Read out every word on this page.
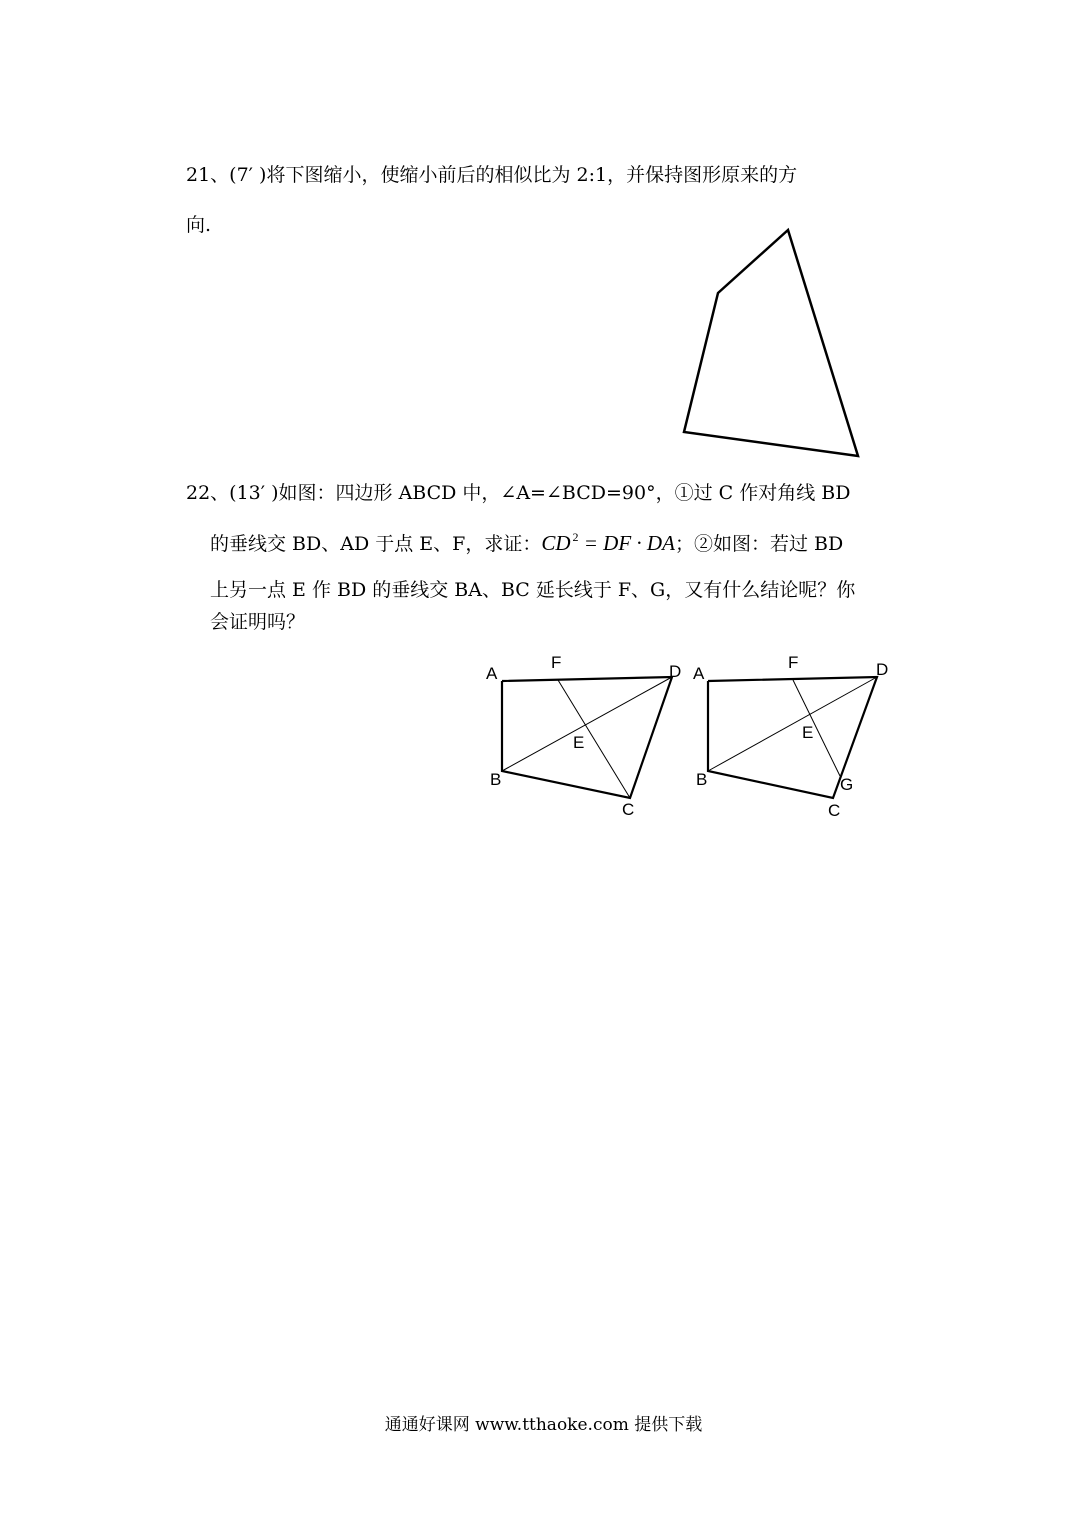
21、(7′ )将下图缩小，使缩小前后的相似比为 2:1，并保持图形原来的方
向.
22、(13′ )如图：四边形 ABCD 中，∠A=∠BCD=90°，①过 C 作对角线 BD
的垂线交 BD、AD 于点 E、F，求证：CD $^2$ = DF · DA；②如图：若过 BD
上另一点 E 作 BD 的垂线交 BA、BC 延长线于 F、G，又有什么结论呢？你
会证明吗？
A
F	D
E
B
C
A
F	D
E
B	G
C
通通好课网 www.tthaoke.com 提供下载
